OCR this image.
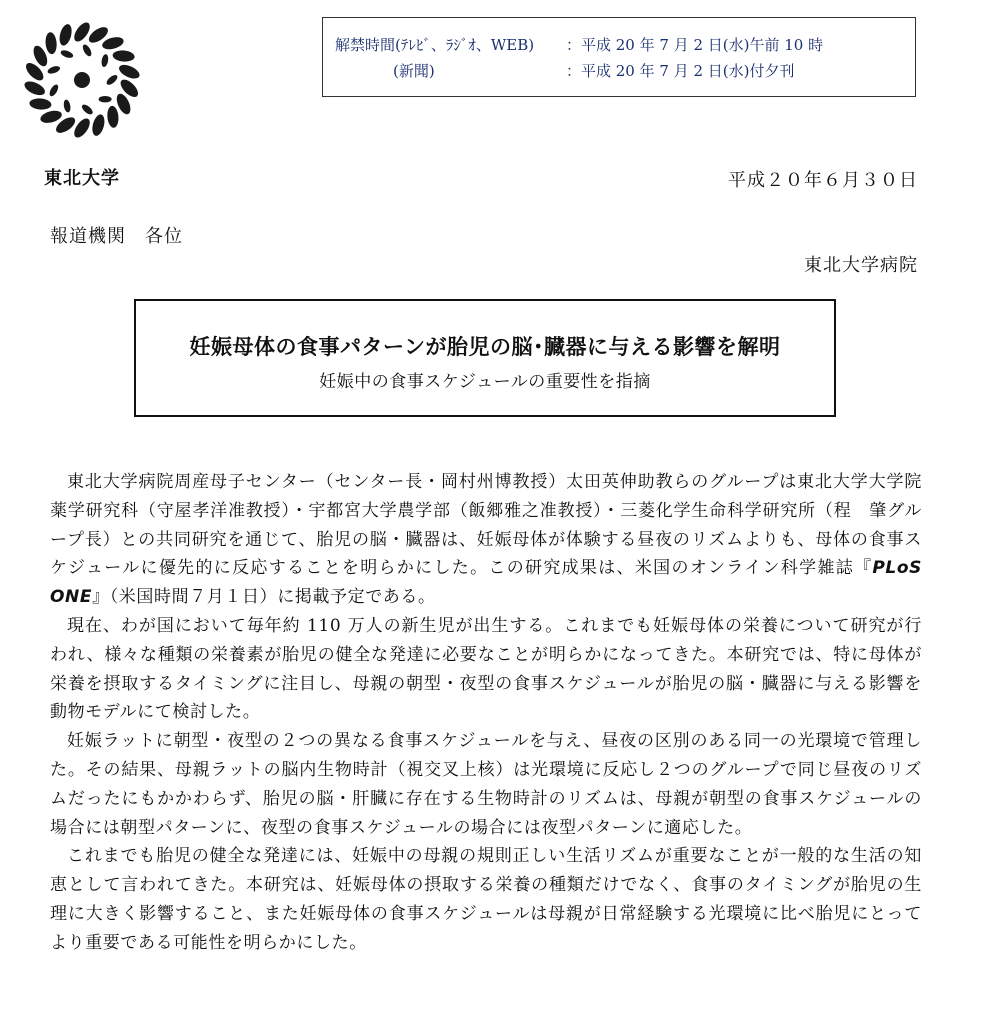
東北大学
解禁時間(ﾃﾚﾋﾞ、ﾗｼﾞｵ、WEB) ：平成 20 年 7 月 2 日(水)午前 10 時
(新聞)	：平成 20 年 7 月 2 日(水)付夕刊
平成２０年６月３０日
報道機関　各位
東北大学病院
妊娠母体の食事パターンが胎児の脳･臓器に与える影響を解明
妊娠中の食事スケジュールの重要性を指摘

東北大学病院周産母子センター（センター長・岡村州博教授）太田英伸助教らのグループは東北大学大学院薬学研究科（守屋孝洋准教授）・宇都宮大学農学部（飯郷雅之准教授）・三菱化学生命科学研究所（程　肇グループ長）との共同研究を通じて、胎児の脳・臓器は、妊娠母体が体験する昼夜のリズムよりも、母体の食事スケジュールに優先的に反応することを明らかにした。この研究成果は、米国のオンライン科学雑誌『PLoS ONE』（米国時間７月１日）に掲載予定である。

現在、わが国において毎年約 110 万人の新生児が出生する。これまでも妊娠母体の栄養について研究が行われ、様々な種類の栄養素が胎児の健全な発達に必要なことが明らかになってきた。本研究では、特に母体が栄養を摂取するタイミングに注目し、母親の朝型・夜型の食事スケジュールが胎児の脳・臓器に与える影響を動物モデルにて検討した。

妊娠ラットに朝型・夜型の２つの異なる食事スケジュールを与え、昼夜の区別のある同一の光環境で管理した。その結果、母親ラットの脳内生物時計（視交叉上核）は光環境に反応し２つのグループで同じ昼夜のリズムだったにもかかわらず、胎児の脳・肝臓に存在する生物時計のリズムは、母親が朝型の食事スケジュールの場合には朝型パターンに、夜型の食事スケジュールの場合には夜型パターンに適応した。

これまでも胎児の健全な発達には、妊娠中の母親の規則正しい生活リズムが重要なことが一般的な生活の知恵として言われてきた。本研究は、妊娠母体の摂取する栄養の種類だけでなく、食事のタイミングが胎児の生理に大きく影響すること、また妊娠母体の食事スケジュールは母親が日常経験する光環境に比べ胎児にとってより重要である可能性を明らかにした。
